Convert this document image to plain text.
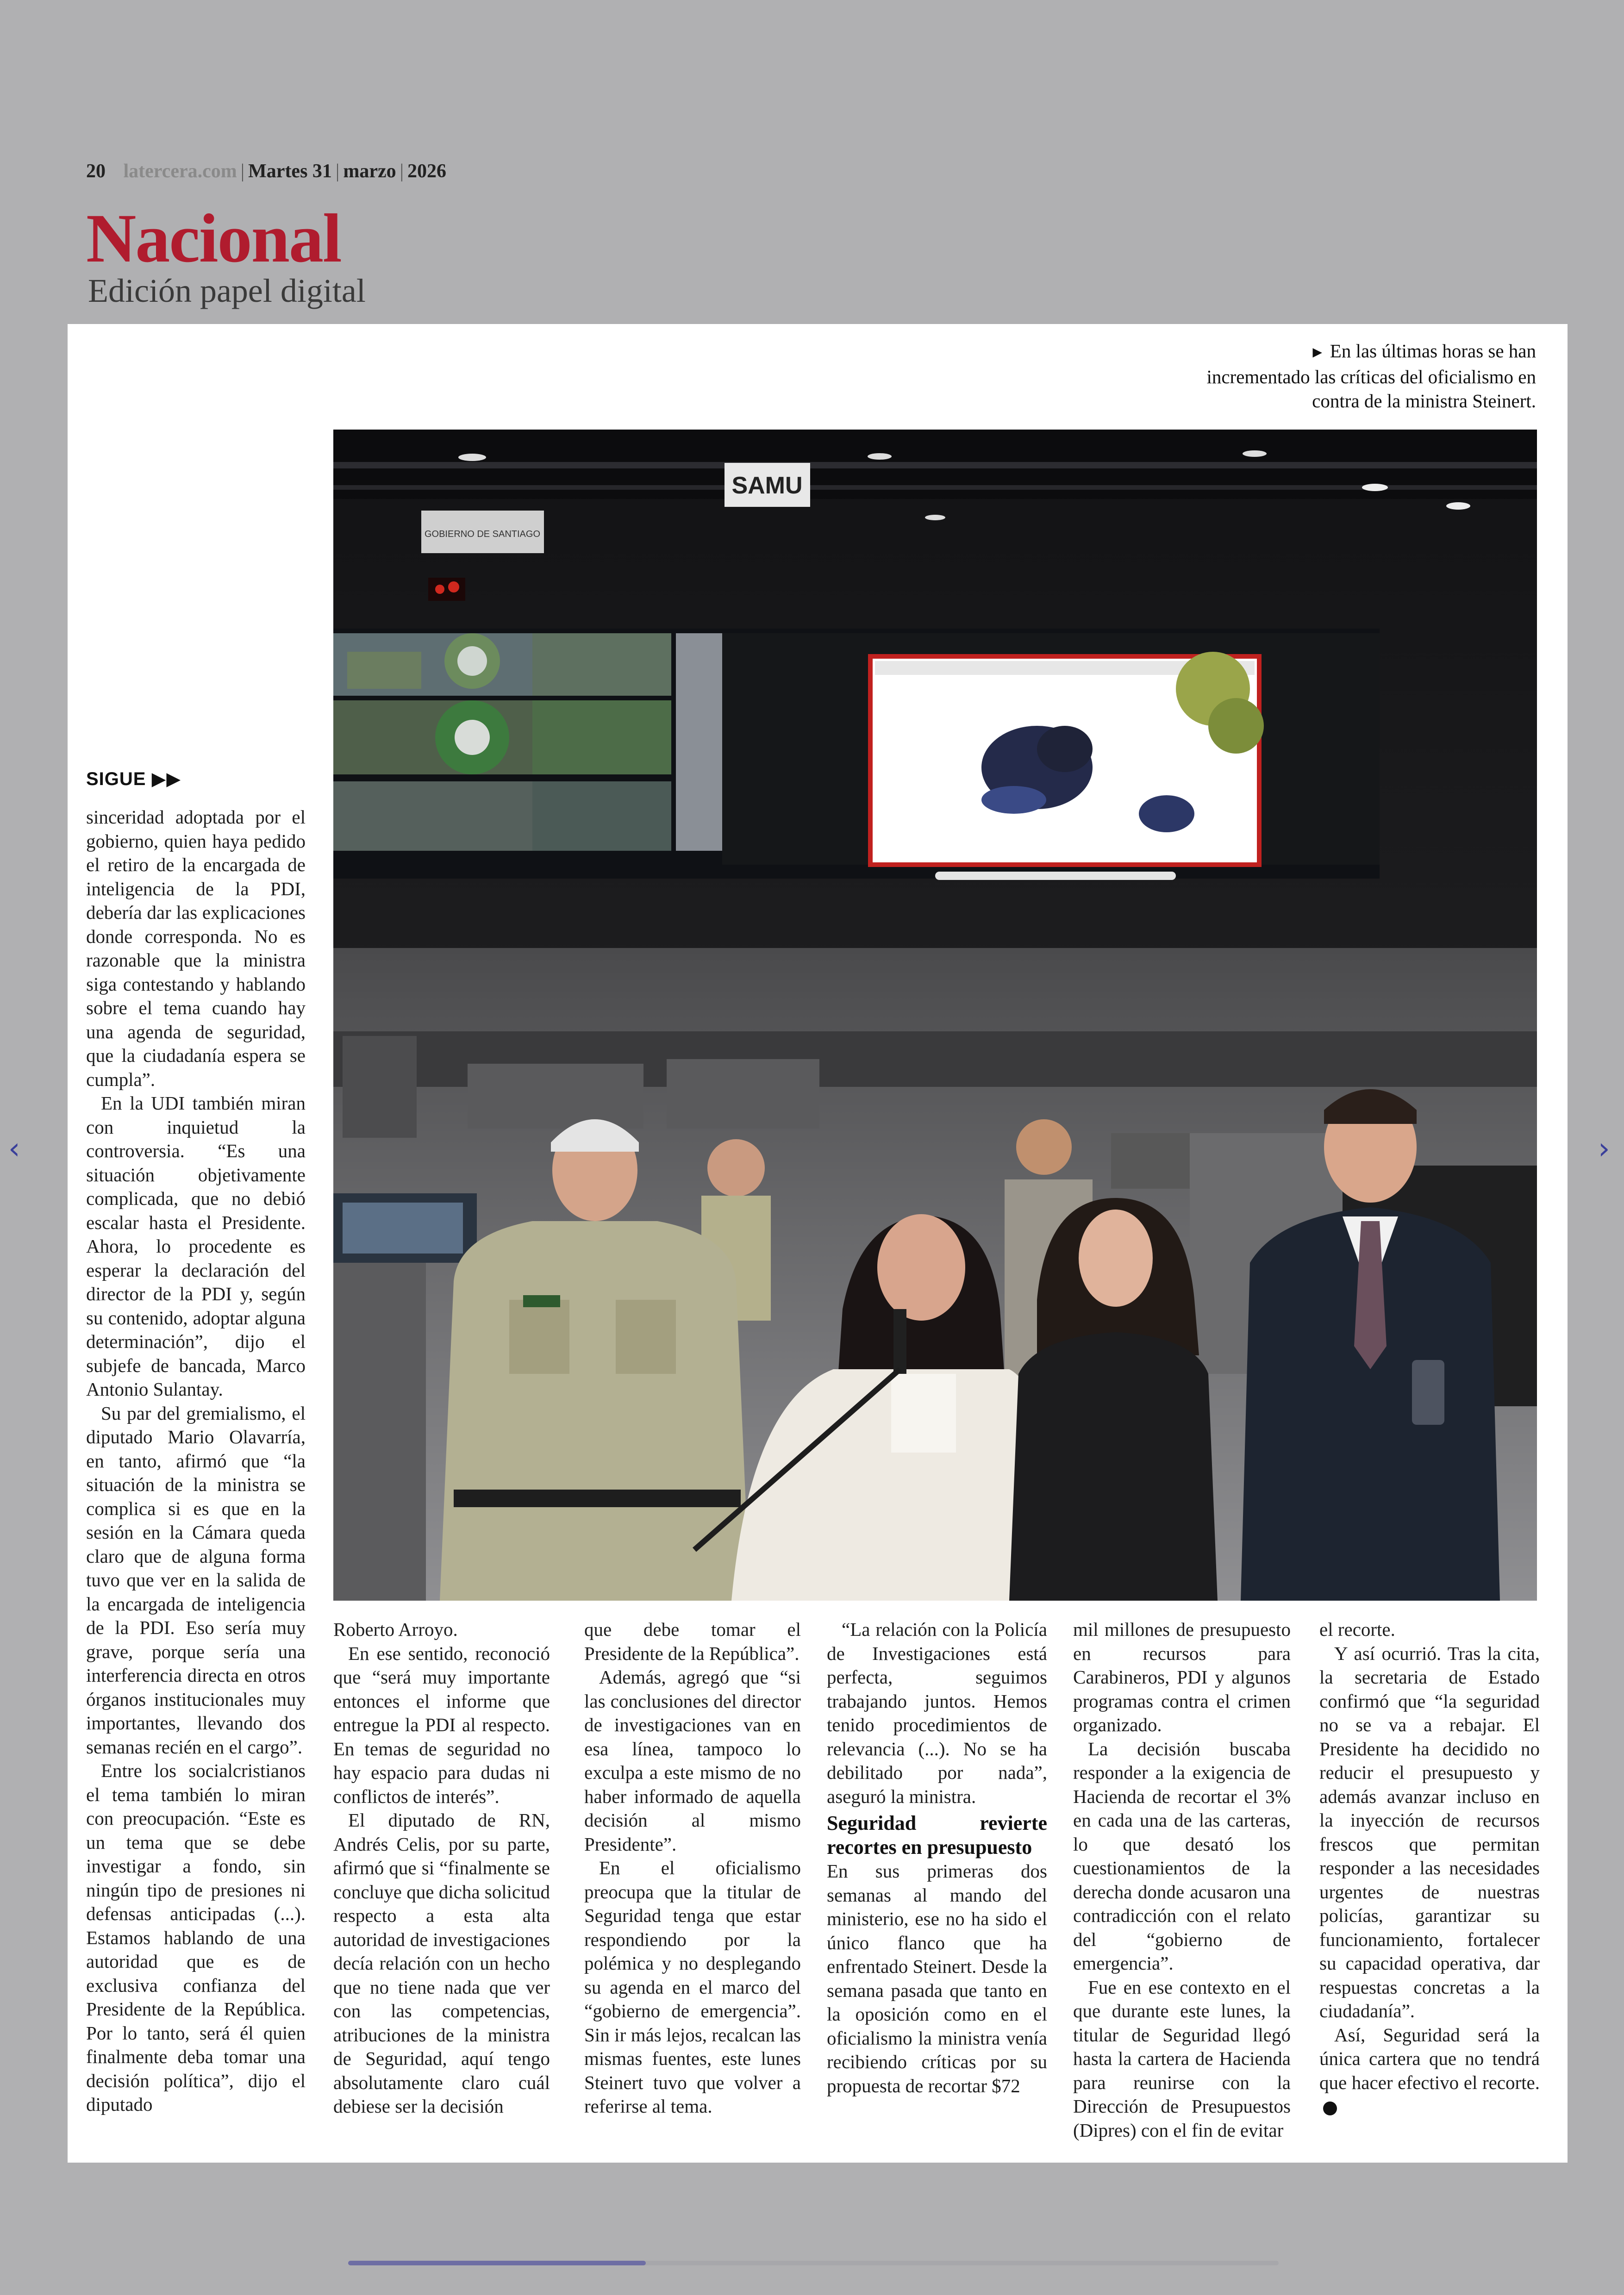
20 latercera.com | Martes 31 | marzo | 2026
Nacional
Edición papel digital
‹	›
► En las últimas horas se han incrementado las críticas del oficialismo en contra de la ministra Steinert.
SAMU
GOBIERNO DE SANTIAGO
SIGUE ▶▶

sinceridad adoptada por el gobierno, quien haya pedido el retiro de la encargada de inteligencia de la PDI, debería dar las explicaciones donde corresponda. No es razonable que la ministra siga contestando y hablando sobre el tema cuando hay una agenda de seguridad, que la ciudadanía espera se cumpla”.

En la UDI también miran con inquietud la controversia. “Es una situación objetivamente complicada, que no debió escalar hasta el Presidente. Ahora, lo procedente es esperar la declaración del director de la PDI y, según su contenido, adoptar alguna determinación”, dijo el subjefe de bancada, Marco Antonio Sulantay.

Su par del gremialismo, el diputado Mario Olavarría, en tanto, afirmó que “la situación de la ministra se complica si es que en la sesión en la Cámara queda claro que de alguna forma tuvo que ver en la salida de la encargada de inteligencia de la PDI. Eso sería muy grave, porque sería una interferencia directa en otros órganos institucionales muy importantes, llevando dos semanas recién en el cargo”.

Entre los socialcristianos el tema también lo miran con preocupación. “Este es un tema que se debe investigar a fondo, sin ningún tipo de presiones ni defensas anticipadas (...). Estamos hablando de una autoridad que es de exclusiva confianza del Presidente de la República. Por lo tanto, será él quien finalmente deba tomar una decisión política”, dijo el diputado

Roberto Arroyo.

En ese sentido, reconoció que “será muy importante entonces el informe que entregue la PDI al respecto. En temas de seguridad no hay espacio para dudas ni conflictos de interés”.

El diputado de RN, Andrés Celis, por su parte, afirmó que si “finalmente se concluye que dicha solicitud respecto a esta alta autoridad de investigaciones decía relación con un hecho que no tiene nada que ver con las competencias, atribuciones de la ministra de Seguridad, aquí tengo absolutamente claro cuál debiese ser la decisión

que debe tomar el Presidente de la República”.

Además, agregó que “si las conclusiones del director de investigaciones van en esa línea, tampoco lo exculpa a este mismo de no haber informado de aquella decisión al mismo Presidente”.

En el oficialismo preocupa que la titular de Seguridad tenga que estar respondiendo por la polémica y no desplegando su agenda en el marco del “gobierno de emergencia”. Sin ir más lejos, recalcan las mismas fuentes, este lunes Steinert tuvo que volver a referirse al tema.

“La relación con la Policía de Investigaciones está perfecta, seguimos trabajando juntos. Hemos tenido procedimientos de relevancia (...). No se ha debilitado por nada”, aseguró la ministra.

Seguridad revierte recortes en presupuesto

En sus primeras dos semanas al mando del ministerio, ese no ha sido el único flanco que ha enfrentado Steinert. Desde la semana pasada que tanto en la oposición como en el oficialismo la ministra venía recibiendo críticas por su propuesta de recortar $72

mil millones de presupuesto en recursos para Carabineros, PDI y algunos programas contra el crimen organizado.

La decisión buscaba responder a la exigencia de Hacienda de recortar el 3% en cada una de las carteras, lo que desató los cuestionamientos de la derecha donde acusaron una contradicción con el relato del “gobierno de emergencia”.

Fue en ese contexto en el que durante este lunes, la titular de Seguridad llegó hasta la cartera de Hacienda para reunirse con la Dirección de Presupuestos (Dipres) con el fin de evitar

el recorte.

Y así ocurrió. Tras la cita, la secretaria de Estado confirmó que “la seguridad no se va a rebajar. El Presidente ha decidido no reducir el presupuesto y además avanzar incluso en la inyección de recursos frescos que permitan responder a las necesidades urgentes de nuestras policías, garantizar su funcionamiento, fortalecer su capacidad operativa, dar respuestas concretas a la ciudadanía”.

Así, Seguridad será la única cartera que no tendrá que hacer efectivo el recorte.
